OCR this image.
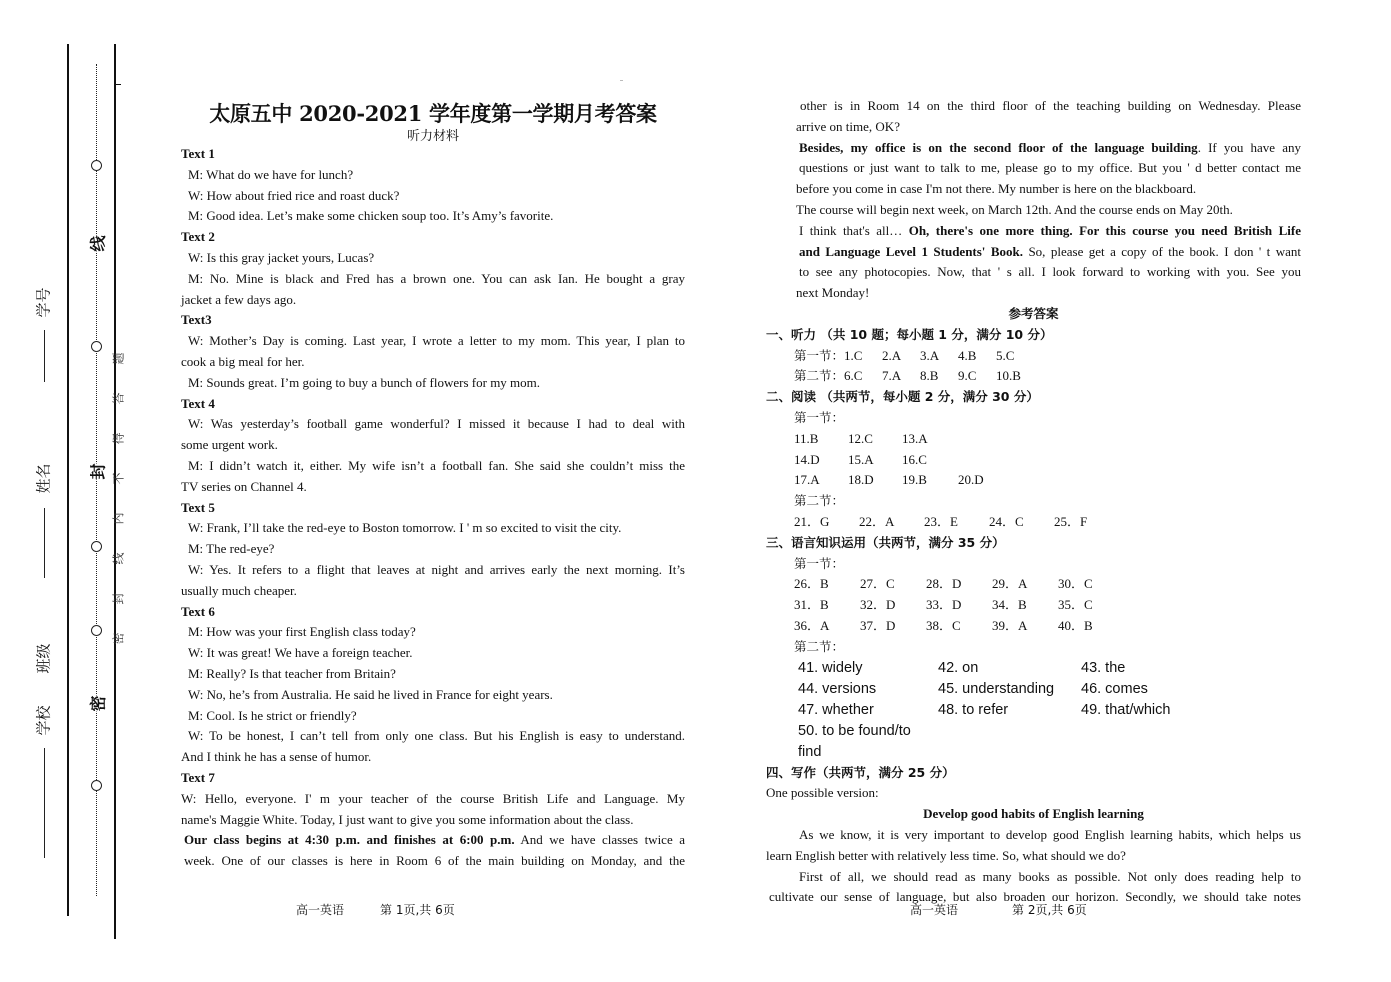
线
封
密
题
答
得
不
内
线
封
密
学号
姓名
班级
学校
太原五中 2020-2021 学年度第一学期月考答案
听力材料
Text 1
M: What do we have for lunch?
W: How about fried rice and roast duck?
M: Good idea. Let’s make some chicken soup too. It’s Amy’s favorite.
Text 2
W: Is this gray jacket yours, Lucas?
M: No. Mine is black and Fred has a brown one. You can ask Ian. He bought a gray
jacket a few days ago.
Text3
W: Mother’s Day is coming. Last year, I wrote a letter to my mom. This year, I plan to
cook a big meal for her.
M: Sounds great. I’m going to buy a bunch of flowers for my mom.
Text 4
W: Was yesterday’s football game wonderful? I missed it because I had to deal with
some urgent work.
M: I didn’t watch it, either. My wife isn’t a football fan. She said she couldn’t miss the
TV series on Channel 4.
Text 5
W: Frank, I’ll take the red-eye to Boston tomorrow. I ' m so excited to visit the city.
M: The red-eye?
W: Yes. It refers to a flight that leaves at night and arrives early the next morning. It’s
usually much cheaper.
Text 6
M: How was your first English class today?
W: It was great! We have a foreign teacher.
M: Really? Is that teacher from Britain?
W: No, he’s from Australia. He said he lived in France for eight years.
M: Cool. Is he strict or friendly?
W: To be honest, I can’t tell from only one class. But his English is easy to understand.
And I think he has a sense of humor.
Text 7
W: Hello, everyone. I' m your teacher of the course British Life and Language. My
name's Maggie White. Today, I just want to give you some information about the class.
Our class begins at 4:30 p.m. and finishes at 6:00 p.m. And we have classes twice a
week. One of our classes is here in Room 6 of the main building on Monday, and the
高一英语	第 1页,共 6页
other is in Room 14 on the third floor of the teaching building on Wednesday. Please
arrive on time, OK?
Besides, my office is on the second floor of the language building. If you have any
questions or just want to talk to me, please go to my office. But you ' d better contact me
before you come in case I'm not there. My number is here on the blackboard.
The course will begin next week, on March 12th. And the course ends on May 20th.
I think that's all… Oh, there's one more thing. For this course you need British Life
and Language Level 1 Students' Book. So, please get a copy of the book. I don ' t want
to see any photocopies. Now, that ' s all. I look forward to working with you. See you
next Monday!
参考答案
一、听力 （共 10 题；每小题 1 分，满分 10 分）
第一节：1.C 2.A 3.A 4.B 5.C
第二节：6.C 7.A 8.B 9.C 10.B
二、阅读 （共两节，每小题 2 分，满分 30 分）
第一节：
11.B	12.C	13.A
14.D	15.A	16.C
17.A	18.D	19.B	20.D
第二节：
21．G	22．A	23．E	24．C	25．F
三、语言知识运用（共两节，满分 35 分）
第一节：
26．B	27．C	28．D	29．A	30．C
31．B	32．D	33．D	34．B	35．C
36．A	37．D	38．C	39．A	40．B
第二节：
41. widely	42. on	43. the
44. versions	45. understanding	46. comes
47. whether	48. to refer	49. that/which
50. to be found/to find
四、写作（共两节，满分 25 分）
One possible version:
Develop good habits of English learning
As we know, it is very important to develop good English learning habits, which helps us
learn English better with relatively less time. So, what should we do?
First of all, we should read as many books as possible. Not only does reading help to
cultivate our sense of language, but also broaden our horizon. Secondly, we should take notes
高一英语	第 2页,共 6页
